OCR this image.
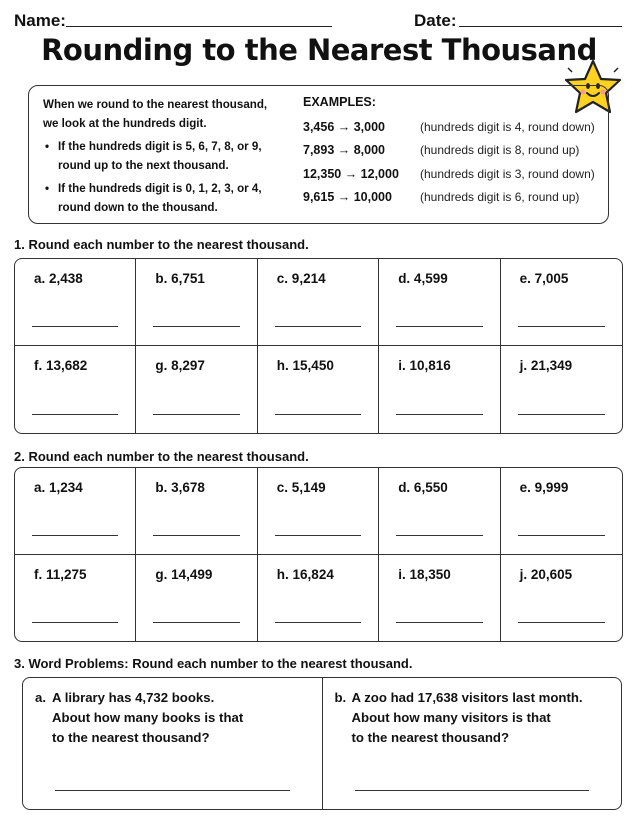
Name:	Date:
Rounding to the Nearest Thousand
When we round to the nearest thousand,
we look at the hundreds digit.
• If the hundreds digit is 5, 6, 7, 8, or 9,
round up to the next thousand.
• If the hundreds digit is 0, 1, 2, 3, or 4,
round down to the thousand.
EXAMPLES:
3,456 → 3,000	(hundreds digit is 4, round down)
7,893 → 8,000	(hundreds digit is 8, round up)
12,350 → 12,000	(hundreds digit is 3, round down)
9,615 → 10,000	(hundreds digit is 6, round up)
1. Round each number to the nearest thousand.
a. 2,438	b. 6,751	c. 9,214	d. 4,599	e. 7,005
f. 13,682	g. 8,297	h. 15,450	i. 10,816	j. 21,349
2. Round each number to the nearest thousand.
a. 1,234	b. 3,678	c. 5,149	d. 6,550	e. 9,999
f. 11,275	g. 14,499	h. 16,824	i. 18,350	j. 20,605
3. Word Problems: Round each number to the nearest thousand.
a. A library has 4,732 books.
About how many books is that
to the nearest thousand?
b. A zoo had 17,638 visitors last month.
About how many visitors is that
to the nearest thousand?
